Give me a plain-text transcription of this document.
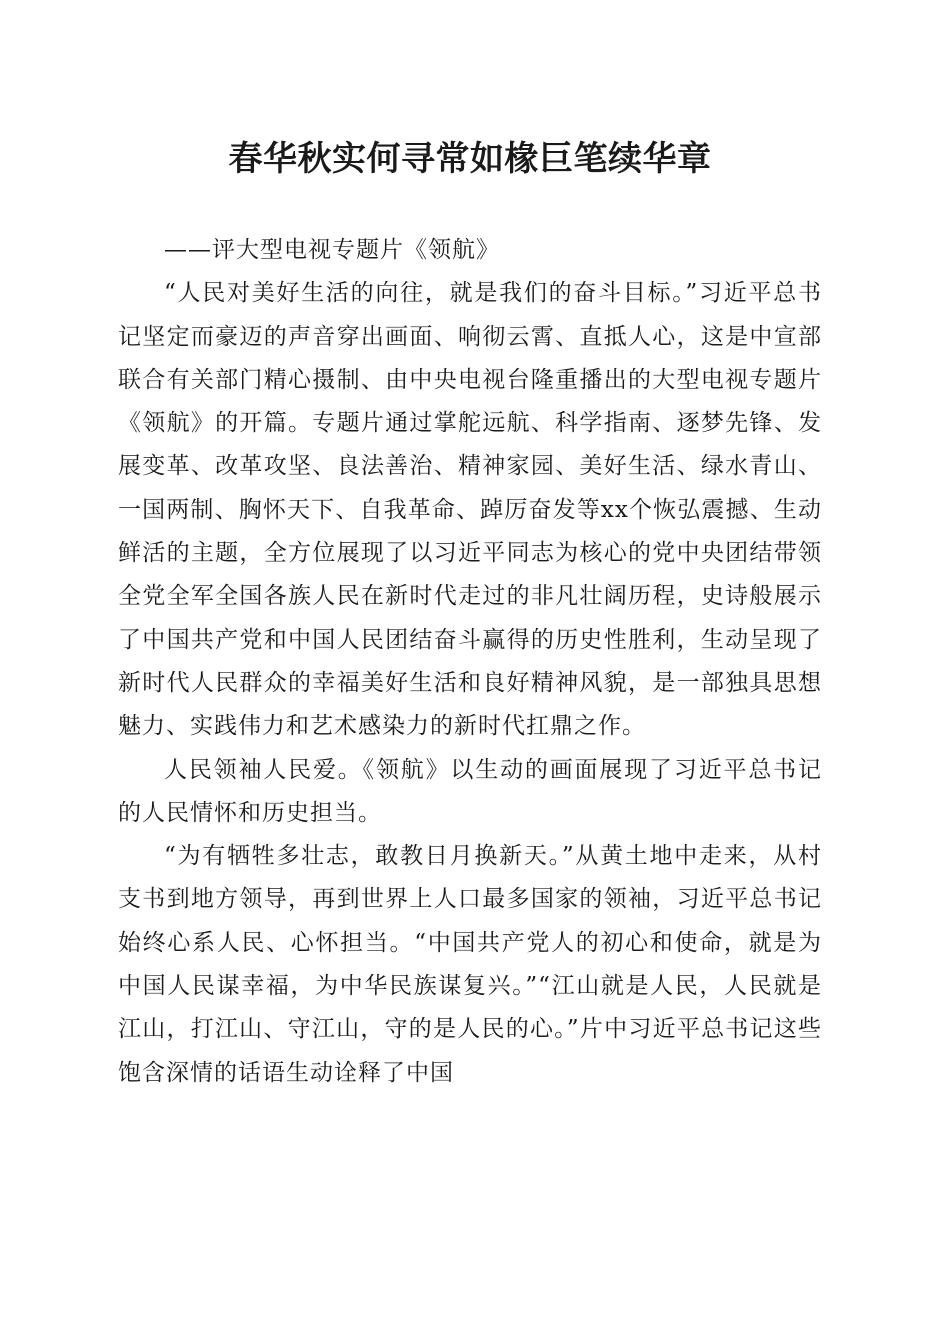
春华秋实何寻常如椽巨笔续华章

——评大型电视专题片《领航》

“人民对美好生活的向往，就是我们的奋斗目标。”习近平总书记坚定而豪迈的声音穿出画面、响彻云霄、直抵人心，这是中宣部联合有关部门精心摄制、由中央电视台隆重播出的大型电视专题片《领航》的开篇。专题片通过掌舵远航、科学指南、逐梦先锋、发展变革、改革攻坚、良法善治、精神家园、美好生活、绿水青山、一国两制、胸怀天下、自我革命、踔厉奋发等xx个恢弘震撼、生动鲜活的主题，全方位展现了以习近平同志为核心的党中央团结带领全党全军全国各族人民在新时代走过的非凡壮阔历程，史诗般展示了中国共产党和中国人民团结奋斗赢得的历史性胜利，生动呈现了新时代人民群众的幸福美好生活和良好精神风貌，是一部独具思想魅力、实践伟力和艺术感染力的新时代扛鼎之作。

人民领袖人民爱。《领航》以生动的画面展现了习近平总书记的人民情怀和历史担当。

“为有牺牲多壮志，敢教日月换新天。”从黄土地中走来，从村支书到地方领导，再到世界上人口最多国家的领袖，习近平总书记始终心系人民、心怀担当。“中国共产党人的初心和使命，就是为中国人民谋幸福，为中华民族谋复兴。”“江山就是人民，人民就是江山，打江山、守江山，守的是人民的心。”片中习近平总书记这些饱含深情的话语生动诠释了中国
